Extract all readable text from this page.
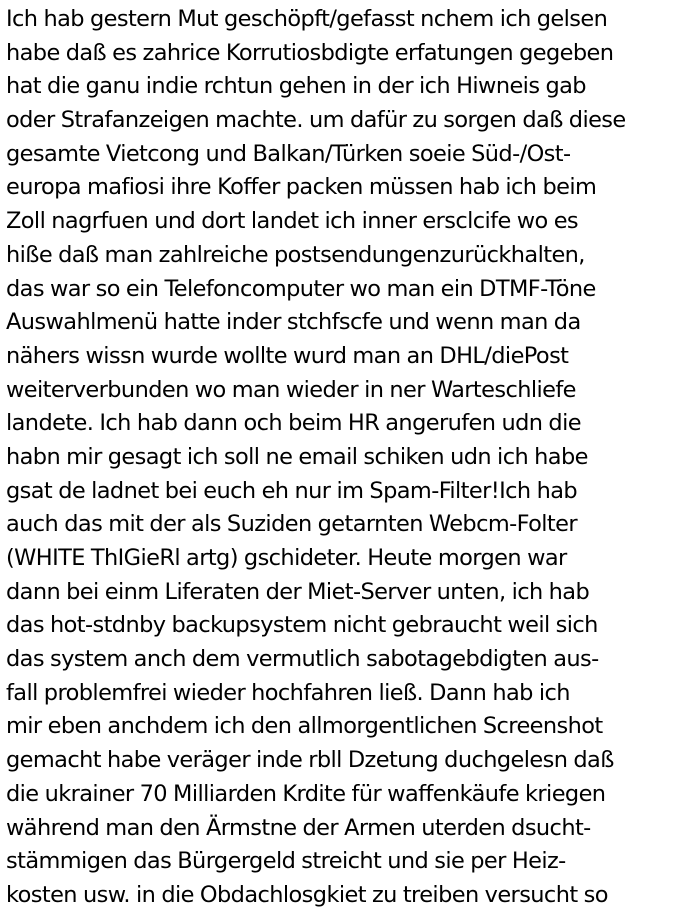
Ich hab gestern Mut geschöpft/gefasst nchem ich gelsen
habe daß es zahrice Korrutiosbdigte erfatungen gegeben
hat die ganu indie rchtun gehen in der ich Hiwneis gab
oder Strafanzeigen machte. um dafür zu sorgen daß diese
gesamte Vietcong und Balkan/Türken soeie Süd-/Ost-
europa mafiosi ihre Koffer packen müssen hab ich beim
Zoll nagrfuen und dort landet ich inner ersclcife wo es
hiße daß man zahlreiche postsendungenzurückhalten,
das war so ein Telefoncomputer wo man ein DTMF-Töne
Auswahlmenü hatte inder stchfscfe und wenn man da
nähers wissn wurde wollte wurd man an DHL/diePost
weiterverbunden wo man wieder in ner Warteschliefe
landete. Ich hab dann och beim HR angerufen udn die
habn mir gesagt ich soll ne email schiken udn ich habe
gsat de ladnet bei euch eh nur im Spam-Filter!Ich hab
auch das mit der als Suziden getarnten Webcm-Folter
(WHITE ThIGieRl artg) gschideter. Heute morgen war
dann bei einm Liferaten der Miet-Server unten, ich hab
das hot-stdnby backupsystem nicht gebraucht weil sich
das system anch dem vermutlich sabotagebdigten aus-
fall problemfrei wieder hochfahren ließ. Dann hab ich
mir eben anchdem ich den allmorgentlichen Screenshot
gemacht habe veräger inde rbll Dzetung duchgelesn daß
die ukrainer 70 Milliarden Krdite für waffenkäufe kriegen
während man den Ärmstne der Armen uterden dsucht-
stämmigen das Bürgergeld streicht und sie per Heiz-
kosten usw. in die Obdachlosgkiet zu treiben versucht so
